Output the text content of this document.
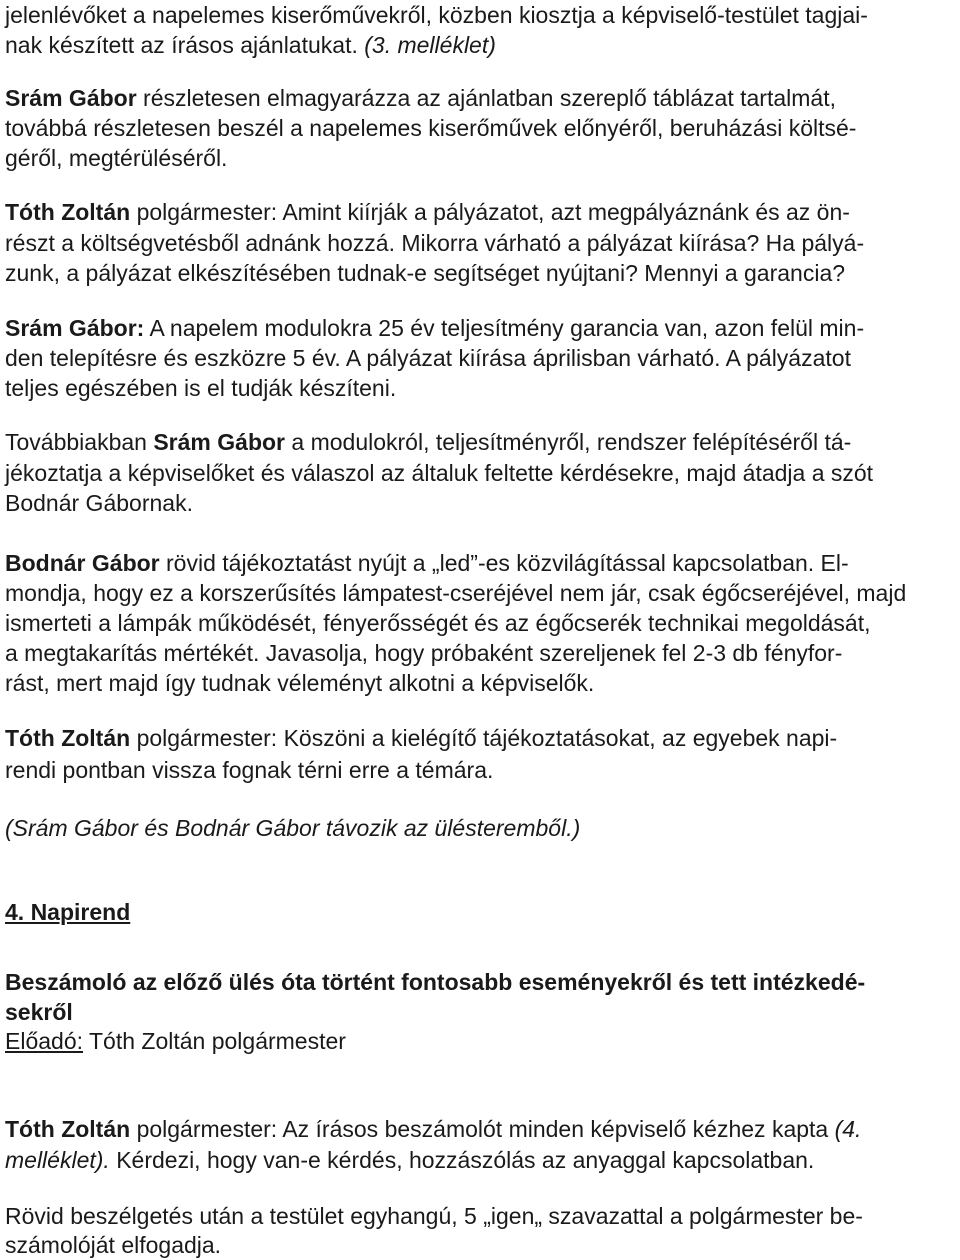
jelenlévőket a napelemes kiserőművekről, közben kiosztja a képviselő-testület tagjai-

nak készített az írásos ajánlatukat. (3. melléklet)

Srám Gábor részletesen elmagyarázza az ajánlatban szereplő táblázat tartalmát,

továbbá részletesen beszél a napelemes kiserőművek előnyéről, beruházási költsé-

géről, megtérüléséről.

Tóth Zoltán polgármester: Amint kiírják a pályázatot, azt megpályáznánk és az ön-

részt a költségvetésből adnánk hozzá. Mikorra várható a pályázat kiírása? Ha pályá-

zunk, a pályázat elkészítésében tudnak-e segítséget nyújtani? Mennyi a garancia?

Srám Gábor: A napelem modulokra 25 év teljesítmény garancia van, azon felül min-

den telepítésre és eszközre 5 év. A pályázat kiírása áprilisban várható. A pályázatot

teljes egészében is el tudják készíteni.

Továbbiakban Srám Gábor a modulokról, teljesítményről, rendszer felépítéséről tá-

jékoztatja a képviselőket és válaszol az általuk feltette kérdésekre, majd átadja a szót

Bodnár Gábornak.

Bodnár Gábor rövid tájékoztatást nyújt a „led”-es közvilágítással kapcsolatban. El-

mondja, hogy ez a korszerűsítés lámpatest-cseréjével nem jár, csak égőcseréjével, majd

ismerteti a lámpák működését, fényerősségét és az égőcserék technikai megoldását,

a megtakarítás mértékét. Javasolja, hogy próbaként szereljenek fel 2-3 db fényfor-

rást, mert majd így tudnak véleményt alkotni a képviselők.

Tóth Zoltán polgármester: Köszöni a kielégítő tájékoztatásokat, az egyebek napi-

rendi pontban vissza fognak térni erre a témára.

(Srám Gábor és Bodnár Gábor távozik az ülésteremből.)

4. Napirend

Beszámoló az előző ülés óta történt fontosabb eseményekről és tett intézkedé-

sekről

Előadó: Tóth Zoltán polgármester

Tóth Zoltán polgármester: Az írásos beszámolót minden képviselő kézhez kapta (4.

melléklet). Kérdezi, hogy van-e kérdés, hozzászólás az anyaggal kapcsolatban.

Rövid beszélgetés után a testület egyhangú, 5 „igen„ szavazattal a polgármester be-

számolóját elfogadja.
